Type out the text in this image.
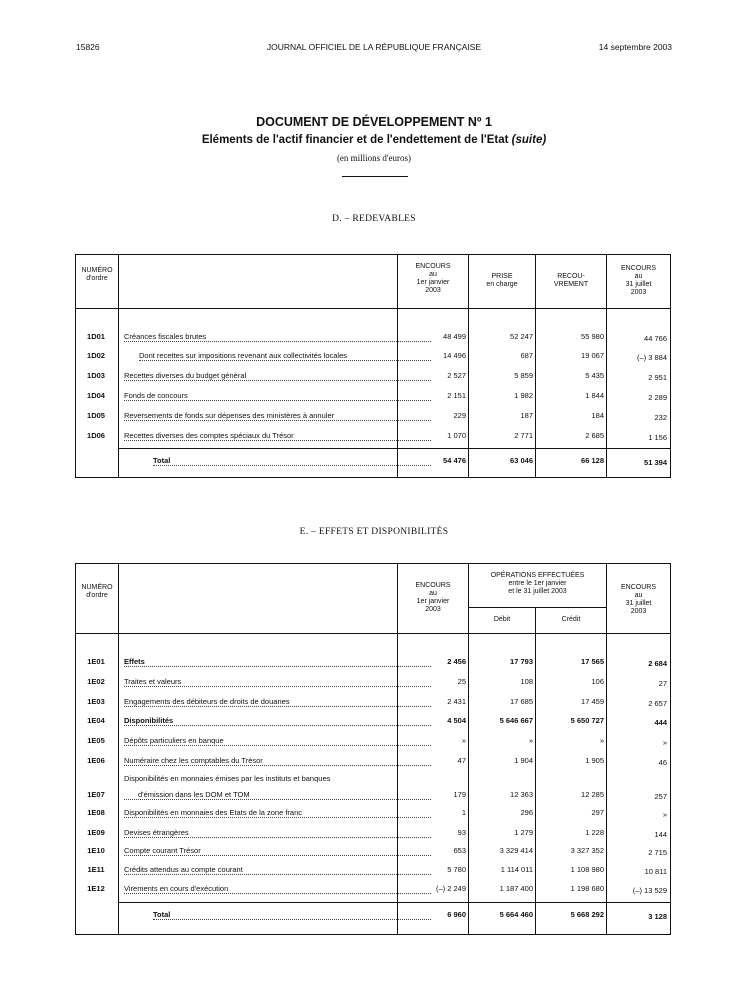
15826	JOURNAL OFFICIEL DE LA RÉPUBLIQUE FRANÇAISE	14 septembre 2003
DOCUMENT DE DÉVELOPPEMENT Nº 1
Eléments de l'actif financier et de l'endettement de l'Etat (suite)
(en millions d'euros)
D. – REDEVABLES
NUMÉRO
d'ordre
ENCOURS
au
1er janvier
2003
PRISE
en charge
RECOU-
VREMENT
ENCOURS
au
31 juillet
2003
1D01	Créances fiscales brutes	48 499	52 247	55 980	44 766
1D02	Dont recettes sur impositions revenant aux collectivités locales	14 496	687	19 067	(–) 3 884
1D03	Recettes diverses du budget général	2 527	5 859	5 435	2 951
1D04	Fonds de concours	2 151	1 982	1 844	2 289
1D05	Reversements de fonds sur dépenses des ministères à annuler	229	187	184	232
1D06	Recettes diverses des comptes spéciaux du Trésor	1 070	2 771	2 685	1 156
Total	54 476	63 046	66 128	51 394
E. – EFFETS ET DISPONIBILITÉS
NUMÉRO
d'ordre
ENCOURS
au
1er janvier
2003
OPÉRATIONS EFFECTUÉES
entre le 1er janvier
et le 31 juillet 2003
Débit	Crédit
ENCOURS
au
31 juillet
2003
1E01	Effets	2 456	17 793	17 565	2 684
1E02	Traites et valeurs	25	108	106	27
1E03	Engagements des débiteurs de droits de douanes	2 431	17 685	17 459	2 657
1E04	Disponibilités	4 504	5 646 667	5 650 727	444
1E05	Dépôts particuliers en banque	»	»	»	»
1E06	Numéraire chez les comptables du Trésor	47	1 904	1 905	46
1E07
Disponibilités en monnaies émises par les instituts et banques
d'émission dans les DOM et TOM	179	12 363	12 285	257
1E08	Disponibilités en monnaies des Etats de la zone franc	1	296	297	»
1E09	Devises étrangères	93	1 279	1 228	144
1E10	Compte courant Trésor	653	3 329 414	3 327 352	2 715
1E11	Crédits attendus au compte courant	5 780	1 114 011	1 108 980	10 811
1E12	Virements en cours d'exécution	(–) 2 249	1 187 400	1 198 680	(–) 13 529
Total	6 960	5 664 460	5 668 292	3 128
